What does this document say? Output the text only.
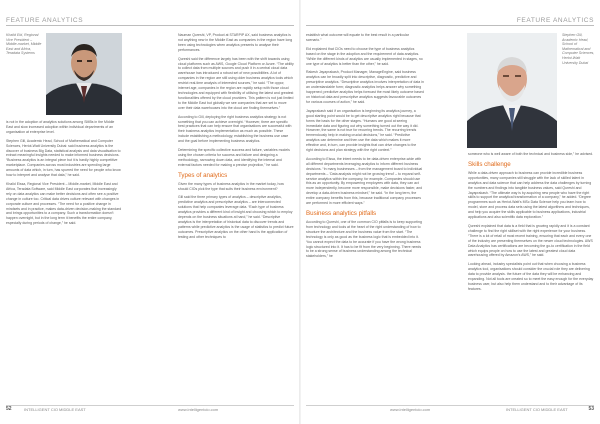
FEATURE ANALYTICS
Khalid Eid, Regional Vice President – Middle-market, Middle East and Africa, Teradata Systems

is not in the adoption of analytics solutions among SMBs in the Middle East and slow increased adoption within individual departments of an organisation at enterprise level.

Stephen Gill, Academic Head, School of Mathematical and Computer Sciences, Heriot-Watt University Dubai: said business analytics is the discover of business Big Data, statistical analysis and data visualisation to extract meaningful insights needed to make informed business decisions. “Business analytics is an integral piece but it is hardly highly competitive marketplace. Companies across most industries are spending large amounts of data which, in turn, has spurred the need for people who know how to interpret and analyse that data,” he said.

Khalid Eissa, Regional Vice President – Middle-market, Middle East and Africa, Teradata Software, said Middle East corporates that increasingly rely on data analytics can make better decisions and often see a positive change in culture too. Critical data drives culture relevant with changes in corporate culture and processes. “The need for a positive change in mindsets and in practice, makes data-driven decision-making the standard and brings opportunities to a company. Such a transformation doesn't happen overnight, but in the long term it benefits the entire company, especially during periods of change,” he said.

Nauman Qureshi, VP, Product at STARPIP AX, said business analytics is not anything new in the Middle East as companies in the region have long been using technologies when analytics presents to analyse their performances.

Qureshi said the difference largely has been with the shift towards using cloud platforms such as AWS, Google Cloud Platform or Azure. “The ability to collect data from multiple sources and push it in a central cloud data warehouse has introduced a robust set of new possibilities. A lot of companies in the region are still using older business analytics tools which restrict real-time analysis of interested sources,” he said. “The oppor, internet age, companies in the region are rapidly setup with those cloud technologies and equipped with flexibility of utilising the latest and greatest functionalities offered by the cloud providers. This pattern is not just limited to the Middle East but globally we see companies that are set to move over their data warehouses into the cloud are finding themselves.”

According to Gill, deploying the right business analytics strategy is not something that you can achieve overnight. “However, there are specific best practices that can help ensure that organisations are successful with their business analytics implementation as much as possible. These include establishing a methodology, establishing the business use case and the goal before implementing business analytics.

Determining the specific collective success and failure, variables models using the chosen criteria for success and failure and designing a methodology, narrowing down data, and identifying the internal and external factors needed for making a precise projection,” he said.

Types of analytics

Given the many types of business analytics in the market today, how should CIOs pick the type that suits their business environment?

Gill said the three primary types of analytics – descriptive analytics, predictive analytics and prescriptive analytics – are interconnected solutions that help companies leverage data. “Each type of business analytics provides a different kind of insight and choosing which to employ depends on the business situations at hand,” he said. “Descriptive analytics is the interpretation of historical data to discover trends and patterns while predictive analytics is the usage of statistics to predict future outcomes. Prescriptive analytics on the other hand is the application of testing and other techniques to

52	INTELLIGENT CIO MIDDLE EAST	www.intelligentcio.com
FEATURE ANALYTICS

establish what outcome will equate to the best result in a particular scenario.”

Eid explained that CIOs need to choose the type of business analytics based on the stage in the adoption and the requirement of data analytics. “While the different kinds of analytics are usually implemented in stages, no one type of analytics is better than the other,” he said.

Rakesh Jayaprakash, Product Manager, ManageEngine, said business analytics can be broadly split into descriptive, diagnostic, predictive and prescriptive analytics. “Descriptive analytics involves interpretation of data in an understandable form; diagnostic analytics helps answer why something happened; predictive analytics helps forecast the most likely outcome based on historical data and prescriptive analytics suggests favourable outcomes for various courses of action,” he said.

Jayaprakash said if an organisation is beginning its analytics journey, a good starting point would be to get descriptive analytics right because that forms the basis for the other stages. “Humans are good at seeing immediate data and figuring out why something turned out the way it did. However, the same is not true for recurring trends. The recurring trends tremendously help in making crucial decisions,” he said. “Predictive analytics can determine and then use the data which makes it more effective and, in turn, can provide insights that can drive changes to the right decisions and plan strategy with the right context.”

According to Eissa, the intent needs to be data-driven enterprise-wide with all different departments leveraging analytics to inform different business decisions. “In many businesses – from the management board to individual departments – ‘Data analysis might not be growing trend’ – to expand self-service analytics within the company, for example. Companies should use this as an opportunity. By empowering employees with data, they can act more independently, become more responsible, make decisions faster, and develop a data-driven business mindset,” he said. “In the long term, the entire company benefits from this, because traditional company processes are performed in more efficient ways.”

Business analytics pitfalls

According to Qureshi, one of the common CIO pitfalls is to keep supporting from technology and tools at the heart of the right understanding of how to structure the architecture and the business value from the start. “The technology is only as good as the business logic that is embedded into it. You cannot expect the data to be accurate if you have the wrong business logic structured into it. It has to be fit from the very beginning. There needs to be a strong sense of business understanding among the technical stakeholders,” he

Stephen Gill, Academic Head, School of Mathematical and Computer Sciences, Heriot-Watt University Dubai

someone who is well aware of both the technical and business side,” he advised.

Skills challenge

While a data-driven approach to business can provide incredible business opportunities, many companies still struggle with the lack of skilled talent in analytics and data science that can help address the data challenges by turning the numbers and findings into tangible business values, said Qureshi and Jayaprakash. “The ultimate way is by acquiring new people who have the right skills to support the analytical transformation of a company,” he added. “Degree programmes such as Heriot-Watt's MSc Data Science help you learn how to model, store and process data sets using the latest algorithms and techniques, and help you acquire the skills applicable to business applications, industrial applications and also scientific data exploration.”

Qureshi explained that data is a field that is growing rapidly and it is a constant challenge to find the right skillset with the right experience for your business. “There is a lot of retail of most recent training, ensuring that each and every one of the industry are presenting themselves on the newer cloud technologies. AWS Data Analytics has certifications are becoming the go-to certification in the field which equips people on how to use the latest and greatest cloud data warehousing offered by Amazon's AWS,” he said.

Looking ahead, industry specialists point out that when choosing a business analytics tool, organisations should consider the crucial role they are delivering data to provide analysis. the future of the data they will be enhancing and expanding. Not all tools are created so to meet the easy enough for the everyday business user, but also help them understand and to their advantage of its features.

www.intelligentcio.com	INTELLIGENT CIO MIDDLE EAST	53
